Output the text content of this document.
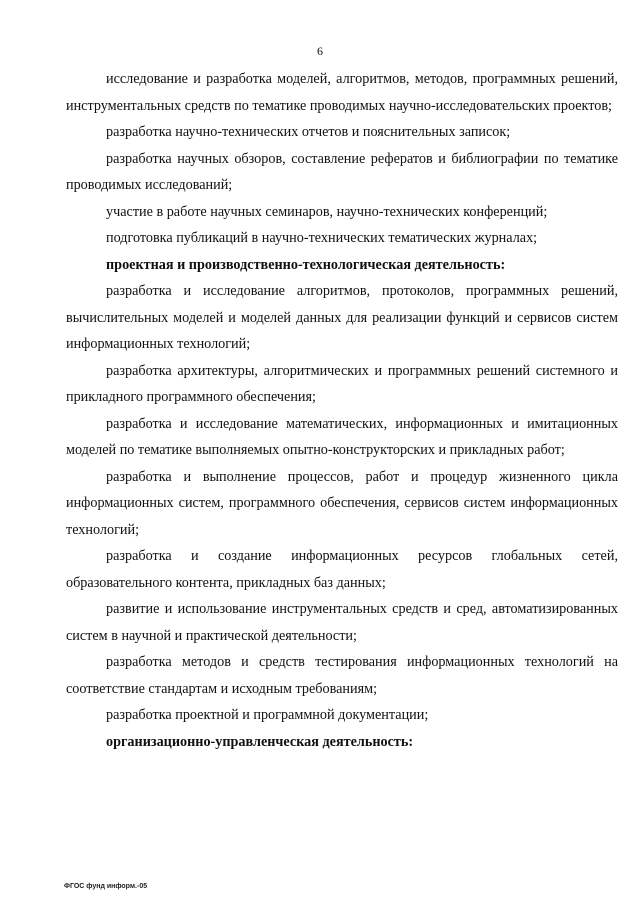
6

исследование и разработка моделей, алгоритмов, методов, программных решений, инструментальных средств по тематике проводимых научно-исследовательских проектов;

разработка научно-технических отчетов и пояснительных записок;

разработка научных обзоров, составление рефератов и библиографии по тематике проводимых исследований;

участие в работе научных семинаров, научно-технических конференций;

подготовка публикаций в научно-технических тематических журналах;

проектная и производственно-технологическая деятельность:

разработка и исследование алгоритмов, протоколов, программных решений, вычислительных моделей и моделей данных для реализации функций и сервисов систем информационных технологий;

разработка архитектуры, алгоритмических и программных решений системного и прикладного программного обеспечения;

разработка и исследование математических, информационных и имитационных моделей по тематике выполняемых опытно-конструкторских и прикладных работ;

разработка и выполнение процессов, работ и процедур жизненного цикла информационных систем, программного обеспечения, сервисов систем информационных технологий;

разработка и создание информационных ресурсов глобальных сетей, образовательного контента, прикладных баз данных;

развитие и использование инструментальных средств и сред, автоматизированных систем в научной и практической деятельности;

разработка методов и средств тестирования информационных технологий на соответствие стандартам и исходным требованиям;

разработка проектной и программной документации;

организационно-управленческая деятельность:

ФГОС фунд информ.-05
